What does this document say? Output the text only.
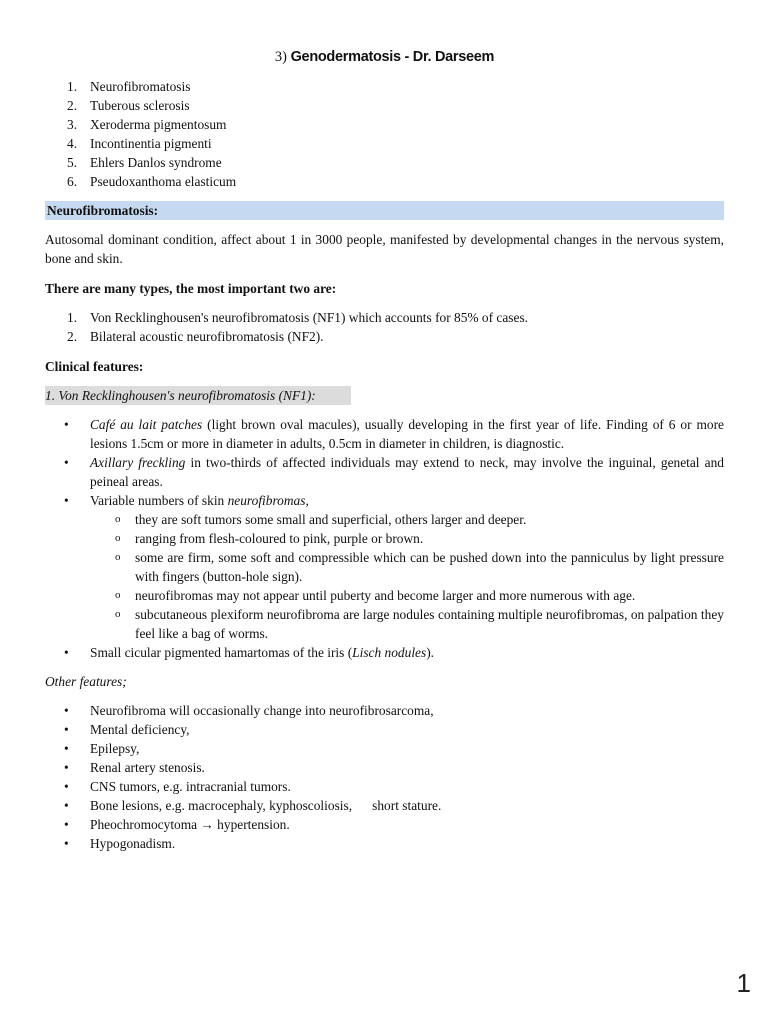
3) Genodermatosis - Dr. Darseem
1. Neurofibromatosis
2. Tuberous sclerosis
3. Xeroderma pigmentosum
4. Incontinentia pigmenti
5. Ehlers Danlos syndrome
6. Pseudoxanthoma elasticum
Neurofibromatosis:

Autosomal dominant condition, affect about 1 in 3000 people, manifested by developmental changes in the nervous system, bone and skin.

There are many types, the most important two are:
1. Von Recklinghousen's neurofibromatosis (NF1) which accounts for 85% of cases.
2. Bilateral acoustic neurofibromatosis (NF2).
Clinical features:
1. Von Recklinghousen's neurofibromatosis (NF1):
• Café au lait patches (light brown oval macules), usually developing in the first year of life. Finding of 6 or more lesions 1.5cm or more in diameter in adults, 0.5cm in diameter in children, is diagnostic.
• Axillary freckling in two-thirds of affected individuals may extend to neck, may involve the inguinal, genetal and peineal areas.
• Variable numbers of skin neurofibromas,
o they are soft tumors some small and superficial, others larger and deeper.
o ranging from flesh-coloured to pink, purple or brown.
o some are firm, some soft and compressible which can be pushed down into the panniculus by light pressure with fingers (button-hole sign).
o neurofibromas may not appear until puberty and become larger and more numerous with age.
o subcutaneous plexiform neurofibroma are large nodules containing multiple neurofibromas, on palpation they feel like a bag of worms.
• Small cicular pigmented hamartomas of the iris (Lisch nodules).
Other features;
• Neurofibroma will occasionally change into neurofibrosarcoma,
• Mental deficiency,
• Epilepsy,
• Renal artery stenosis.
• CNS tumors, e.g. intracranial tumors.
• Bone lesions, e.g. macrocephaly, kyphoscoliosis,      short stature.
• Pheochromocytoma → hypertension.
• Hypogonadism.
1
